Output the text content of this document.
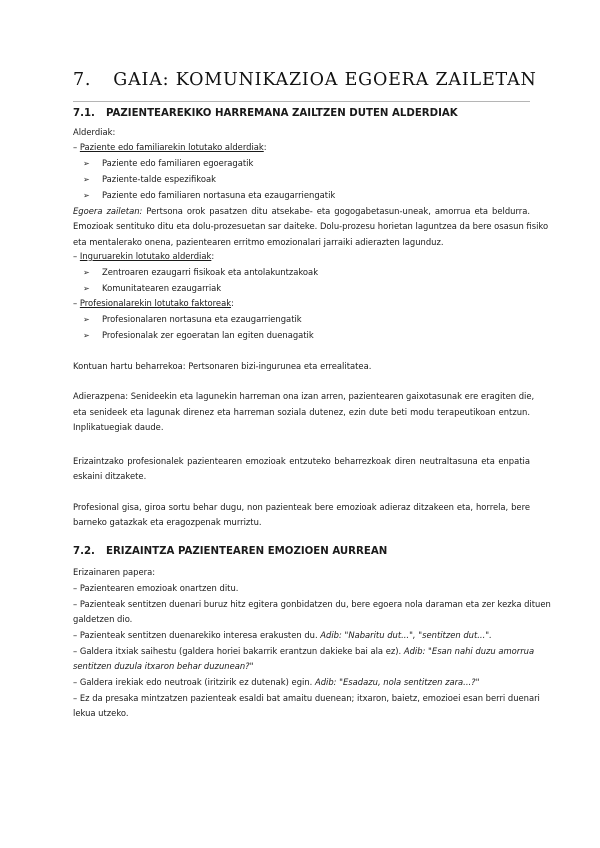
7. GAIA: KOMUNIKAZIOA EGOERA ZAILETAN
7.1. PAZIENTEAREKIKO HARREMANA ZAILTZEN DUTEN ALDERDIAK
Alderdiak:
– Paziente edo familiarekin lotutako alderdiak:
➢ Paziente edo familiaren egoeragatik
➢ Paziente-talde espezifikoak
➢ Paziente edo familiaren nortasuna eta ezaugarriengatik
Egoera zailetan: Pertsona orok pasatzen ditu atsekabe- eta gogogabetasun-uneak, amorrua eta beldurra.
Emozioak sentituko ditu eta dolu-prozesuetan sar daiteke. Dolu-prozesu horietan laguntzea da bere osasun fisiko
eta mentalerako onena, pazientearen erritmo emozionalari jarraiki adierazten lagunduz.
– Inguruarekin lotutako alderdiak:
➢ Zentroaren ezaugarri fisikoak eta antolakuntzakoak
➢ Komunitatearen ezaugarriak
– Profesionalarekin lotutako faktoreak:
➢ Profesionalaren nortasuna eta ezaugarriengatik
➢ Profesionalak zer egoeratan lan egiten duenagatik
Kontuan hartu beharrekoa: Pertsonaren bizi-ingurunea eta errealitatea.
Adierazpena: Senideekin eta lagunekin harreman ona izan arren, pazientearen gaixotasunak ere eragiten die,
eta senideek eta lagunak direnez eta harreman soziala dutenez, ezin dute beti modu terapeutikoan entzun.
Inplikatuegiak daude.
Erizaintzako profesionalek pazientearen emozioak entzuteko beharrezkoak diren neutraltasuna eta enpatia
eskaini ditzakete.
Profesional gisa, giroa sortu behar dugu, non pazienteak bere emozioak adieraz ditzakeen eta, horrela, bere
barneko gatazkak eta eragozpenak murriztu.
7.2. ERIZAINTZA PAZIENTEAREN EMOZIOEN AURREAN
Erizainaren papera:
– Pazientearen emozioak onartzen ditu.
– Pazienteak sentitzen duenari buruz hitz egitera gonbidatzen du, bere egoera nola daraman eta zer kezka dituen
galdetzen dio.
– Pazienteak sentitzen duenarekiko interesa erakusten du. Adib: "Nabaritu dut...", "sentitzen dut...".
– Galdera itxiak saihestu (galdera horiei bakarrik erantzun dakieke bai ala ez). Adib: "Esan nahi duzu amorrua
sentitzen duzula itxaron behar duzunean?"
– Galdera irekiak edo neutroak (iritzirik ez dutenak) egin. Adib: "Esadazu, nola sentitzen zara...?"
– Ez da presaka mintzatzen pazienteak esaldi bat amaitu duenean; itxaron, baietz, emozioei esan berri duenari
lekua utzeko.
